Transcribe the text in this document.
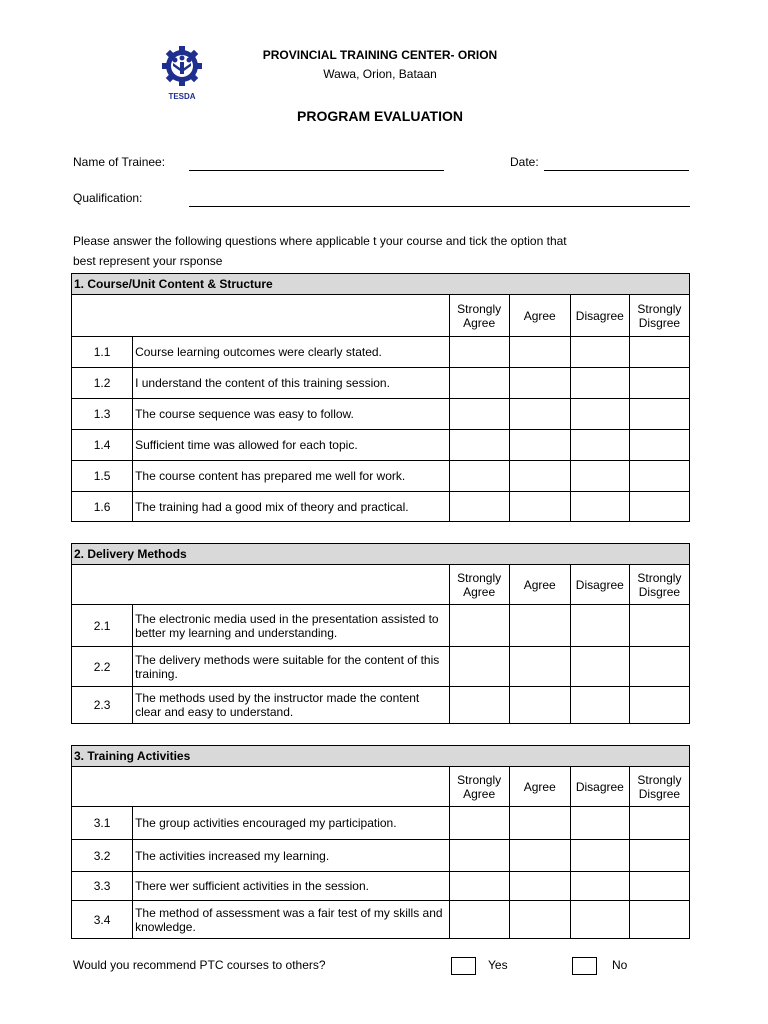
TESDA
PROVINCIAL TRAINING CENTER- ORION
Wawa, Orion, Bataan
PROGRAM EVALUATION
Name of Trainee:	Date:
Qualification:
Please answer the following questions where applicable t your course and tick the option that
best represent your rsponse
1. Course/Unit Content & Structure					
		Strongly Agree	Agree	Disagree	Strongly Disgree
1.1	Course learning outcomes were clearly stated.				
1.2	I understand the content of this training session.				
1.3	The course sequence was easy to follow.				
1.4	Sufficient time was allowed for each topic.				
1.5	The course content has prepared me well for work.				
1.6	The training had a good mix of theory and practical.				
2. Delivery Methods					
		Strongly Agree	Agree	Disagree	Strongly Disgree
2.1	The electronic media used in the presentation assisted to better my learning and understanding.				
2.2	The delivery methods were suitable for the content of this training.				
2.3	The methods used by the instructor made the content clear and easy to understand.				
3. Training Activities					
		Strongly Agree	Agree	Disagree	Strongly Disgree
3.1	The group activities encouraged my participation.				
3.2	The activities increased my learning.				
3.3	There wer sufficient activities in the session.				
3.4	The method of assessment was a fair test of my skills and knowledge.				
Would you recommend PTC courses to others?	Yes	No
